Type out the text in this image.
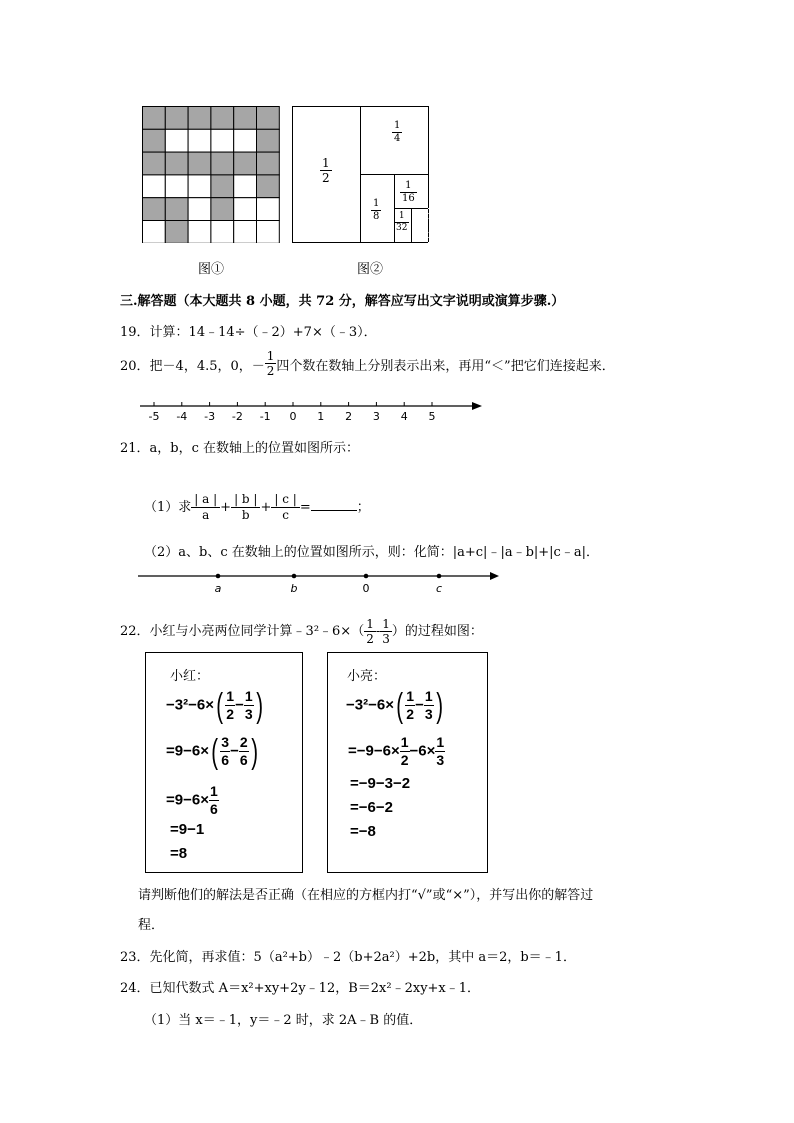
图①
$\frac{1}{2}$
$\frac{1}{4}$
$\frac{1}{8}$
$\frac{1}{16}$
$\frac{1}{32}$
图②
三.解答题（本大题共 8 小题，共 72 分，解答应写出文字说明或演算步骤.）
19．计算：14﹣14÷（﹣2）+7×（﹣3）．
20．把－4，4.5，0，－ $\frac{1}{2}$ 四个数在数轴上分别表示出来，再用“＜”把它们连接起来．
-5 -4 -3 -2 -1 0 1 2 3 4 5
21．a，b，c 在数轴上的位置如图所示：
（1）求 $\frac{| a |}{a} + \frac{| b |}{b} + \frac{| c |}{c}$ =	；
（2）a、b、c 在数轴上的位置如图所示，则：化简：|a+c|﹣|a﹣b|+|c﹣a|．
a	b	0	c
22．小红与小亮两位同学计算﹣3²﹣6×（ $\frac{1}{2} - \frac{1}{3}$ ）的过程如图：
小红：
$-3^2-6\times( \frac{1}{2} - \frac{1}{3}$ )
$=9-6\times( \frac{3}{6} - \frac{2}{6}$ )
$=9-6\times \frac{1}{6}$
=9−1
=8
小亮：
$-3^2-6\times( \frac{1}{2} - \frac{1}{3}$ )
$=-9-6\times \frac{1}{2} -6\times \frac{1}{3}$
=−9−3−2
=−6−2
=−8
请判断他们的解法是否正确（在相应的方框内打“√”或“×”），并写出你的解答过
程．
23．先化简，再求值：5（a²+b）﹣2（b+2a²）+2b，其中 a＝2，b＝﹣1．
24．已知代数式 A＝x²+xy+2y﹣12，B＝2x²﹣2xy+x﹣1．
（1）当 x＝﹣1，y＝﹣2 时，求 2A﹣B 的值．
